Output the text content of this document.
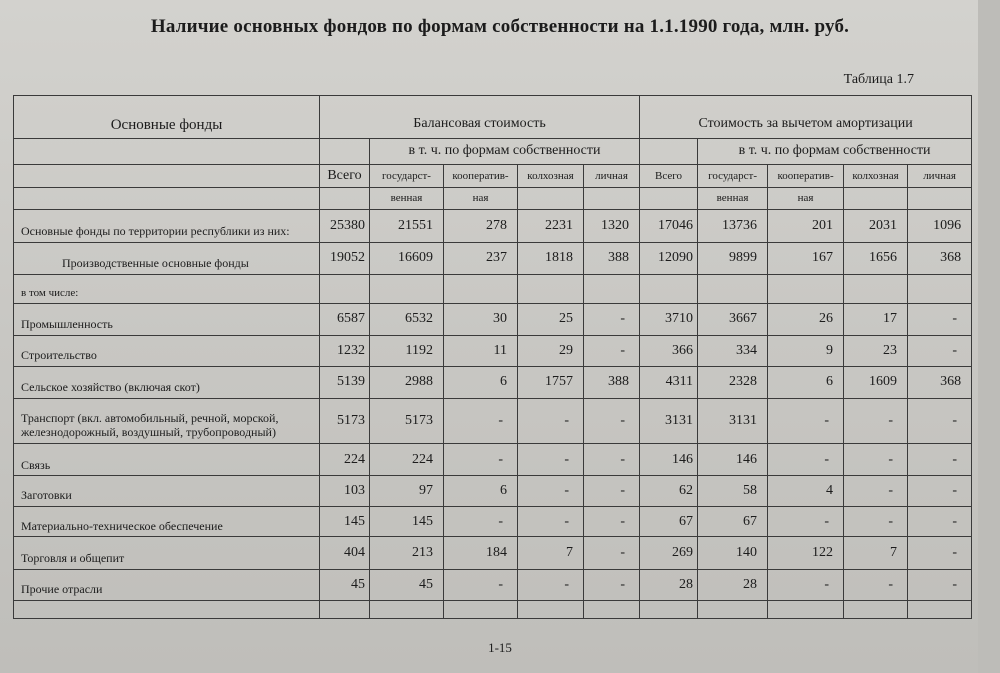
Наличие основных фондов по формам собственности на 1.1.1990 года, млн. руб.
Таблица 1.7
Основные фонды										
	Балансовая стоимость					Стоимость за вычетом амортизации				
		в т. ч. по формам собственности					в т. ч. по формам собственности			
	Всего	государст-	кооператив-	колхозная	личная	Всего	государст-	кооператив-	колхозная	личная
		венная	ная				венная	ная		
Основные фонды по территории республики из них:	25380	21551	278	2231	1320	17046	13736	201	2031	1096
Производственные основные фонды	19052	16609	237	1818	388	12090	9899	167	1656	368
в том числе:										
Промышленность	6587	6532	30	25	-	3710	3667	26	17	-
Строительство	1232	1192	11	29	-	366	334	9	23	-
Сельское хозяйство (включая скот)	5139	2988	6	1757	388	4311	2328	6	1609	368
Транспорт (вкл. автомобильный, речной, морской, железнодорожный, воздушный, трубопроводный)	5173	5173	-	-	-	3131	3131	-	-	-
Связь	224	224	-	-	-	146	146	-	-	-
Заготовки	103	97	6	-	-	62	58	4	-	-
Материально-техническое обеспечение	145	145	-	-	-	67	67	-	-	-
Торговля и общепит	404	213	184	7	-	269	140	122	7	-
Прочие отрасли	45	45	-	-	-	28	28	-	-	-

1-15
